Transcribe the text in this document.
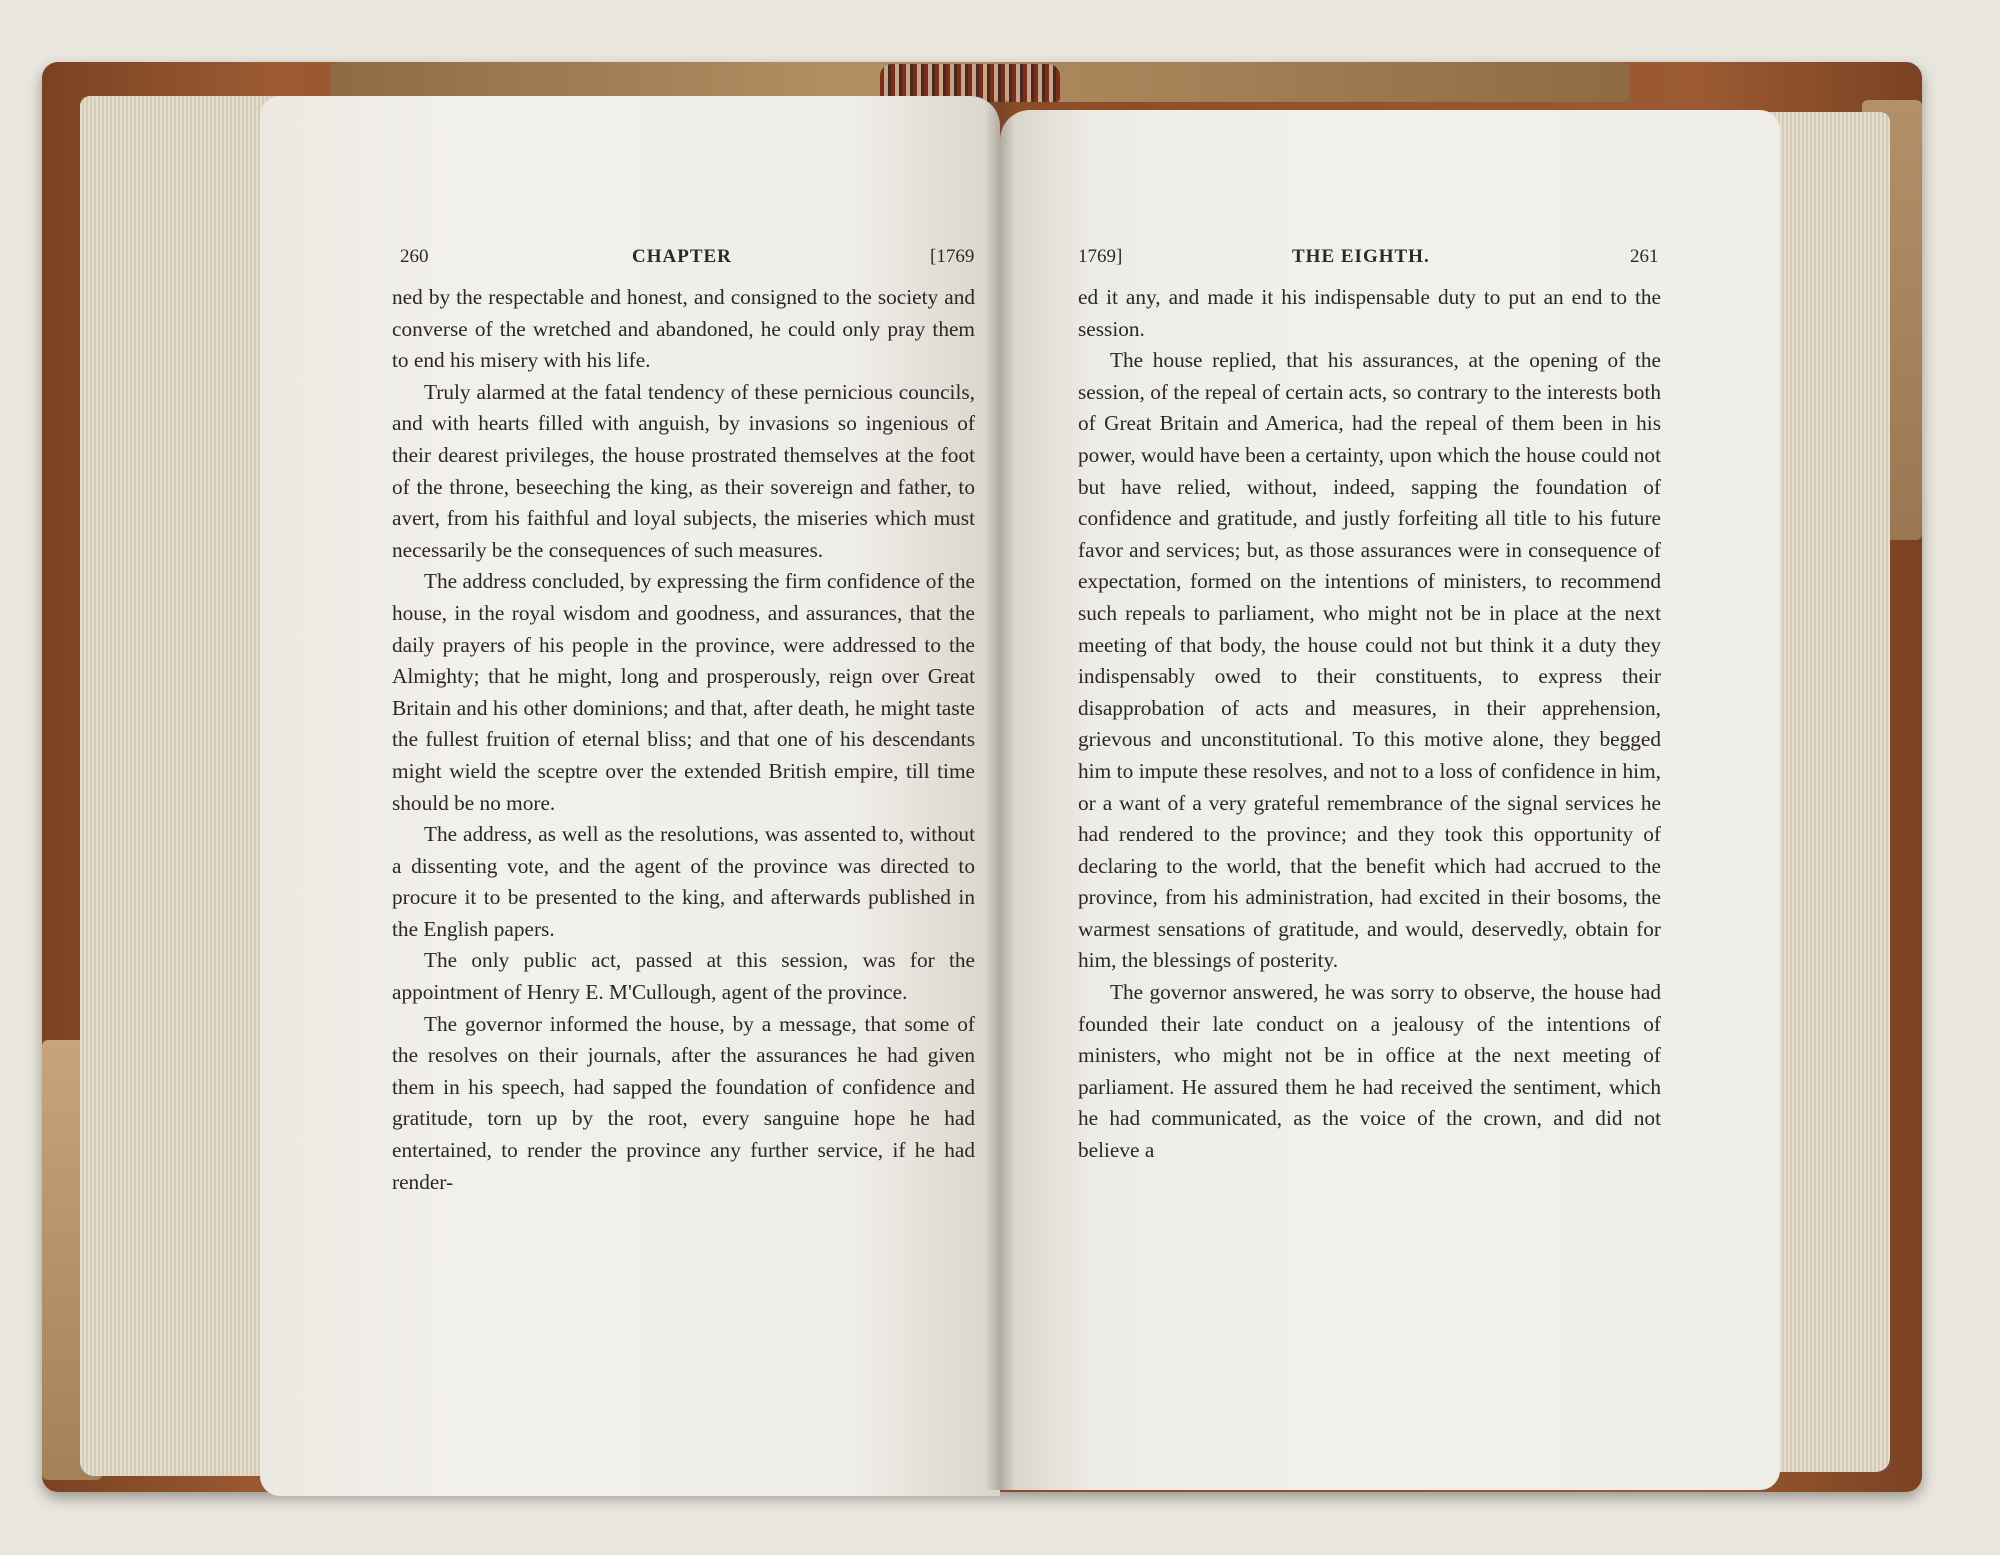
260	CHAPTER	[1769

ned by the respectable and honest, and consigned to the society and converse of the wretched and abandoned, he could only pray them to end his misery with his life.

Truly alarmed at the fatal tendency of these pernicious councils, and with hearts filled with anguish, by invasions so ingenious of their dearest privileges, the house prostrated themselves at the foot of the throne, beseeching the king, as their sovereign and father, to avert, from his faithful and loyal subjects, the miseries which must necessarily be the consequences of such measures.

The address concluded, by expressing the firm confidence of the house, in the royal wisdom and goodness, and assurances, that the daily prayers of his people in the province, were addressed to the Almighty; that he might, long and prosperously, reign over Great Britain and his other dominions; and that, after death, he might taste the fullest fruition of eternal bliss; and that one of his descendants might wield the sceptre over the extended British empire, till time should be no more.

The address, as well as the resolutions, was assented to, without a dissenting vote, and the agent of the province was directed to procure it to be presented to the king, and afterwards published in the English papers.

The only public act, passed at this session, was for the appointment of Henry E. M'Cullough, agent of the province.

The governor informed the house, by a message, that some of the resolves on their journals, after the assurances he had given them in his speech, had sapped the foundation of confidence and gratitude, torn up by the root, every sanguine hope he had entertained, to render the province any further service, if he had render-

1769]	THE EIGHTH.	261

ed it any, and made it his indispensable duty to put an end to the session.

The house replied, that his assurances, at the opening of the session, of the repeal of certain acts, so contrary to the interests both of Great Britain and America, had the repeal of them been in his power, would have been a certainty, upon which the house could not but have relied, without, indeed, sapping the foundation of confidence and gratitude, and justly forfeiting all title to his future favor and services; but, as those assurances were in consequence of expectation, formed on the intentions of ministers, to recommend such repeals to parliament, who might not be in place at the next meeting of that body, the house could not but think it a duty they indispensably owed to their constituents, to express their disapprobation of acts and measures, in their apprehension, grievous and unconstitutional. To this motive alone, they begged him to impute these resolves, and not to a loss of confidence in him, or a want of a very grateful remembrance of the signal services he had rendered to the province; and they took this opportunity of declaring to the world, that the benefit which had accrued to the province, from his administration, had excited in their bosoms, the warmest sensations of gratitude, and would, deservedly, obtain for him, the blessings of posterity.

The governor answered, he was sorry to observe, the house had founded their late conduct on a jealousy of the intentions of ministers, who might not be in office at the next meeting of parliament. He assured them he had received the sentiment, which he had communicated, as the voice of the crown, and did not believe a
